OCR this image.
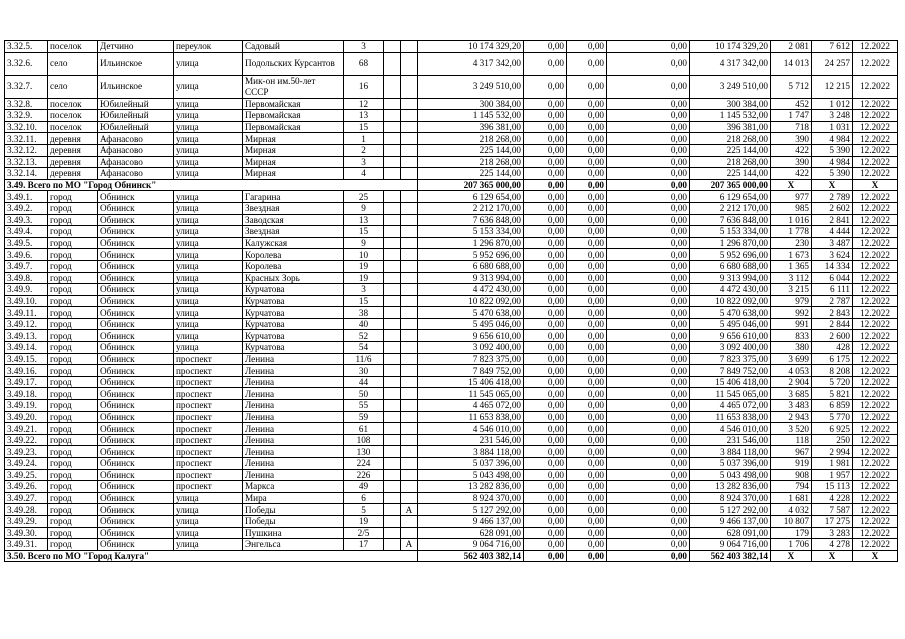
3.32.5.	поселок	Детчино	переулок	Садовый	3			10 174 329,20	0,00	0,00	0,00	10 174 329,20	2 081	7 612	12.2022
3.32.6.	село	Ильинское	улица	Подольских Курсантов	68			4 317 342,00	0,00	0,00	0,00	4 317 342,00	14 013	24 257	12.2022
3.32.7.	село	Ильинское	улица	Мик-он им.50-лет СССР	16			3 249 510,00	0,00	0,00	0,00	3 249 510,00	5 712	12 215	12.2022
3.32.8.	поселок	Юбилейный	улица	Первомайская	12			300 384,00	0,00	0,00	0,00	300 384,00	452	1 012	12.2022
3.32.9.	поселок	Юбилейный	улица	Первомайская	13			1 145 532,00	0,00	0,00	0,00	1 145 532,00	1 747	3 248	12.2022
3.32.10.	поселок	Юбилейный	улица	Первомайская	15			396 381,00	0,00	0,00	0,00	396 381,00	718	1 031	12.2022
3.32.11.	деревня	Афанасово	улица	Мирная	1			218 268,00	0,00	0,00	0,00	218 268,00	390	4 984	12.2022
3.32.12.	деревня	Афанасово	улица	Мирная	2			225 144,00	0,00	0,00	0,00	225 144,00	422	5 390	12.2022
3.32.13.	деревня	Афанасово	улица	Мирная	3			218 268,00	0,00	0,00	0,00	218 268,00	390	4 984	12.2022
3.32.14.	деревня	Афанасово	улица	Мирная	4			225 144,00	0,00	0,00	0,00	225 144,00	422	5 390	12.2022
3.49. Всего по МО "Город Обнинск"								207 365 000,00	0,00	0,00	0,00	207 365 000,00	X	X	X
3.49.1.	город	Обнинск	улица	Гагарина	25			6 129 654,00	0,00	0,00	0,00	6 129 654,00	977	2 789	12.2022
3.49.2.	город	Обнинск	улица	Звездная	9			2 212 170,00	0,00	0,00	0,00	2 212 170,00	985	2 602	12.2022
3.49.3.	город	Обнинск	улица	Заводская	13			7 636 848,00	0,00	0,00	0,00	7 636 848,00	1 016	2 841	12.2022
3.49.4.	город	Обнинск	улица	Звездная	15			5 153 334,00	0,00	0,00	0,00	5 153 334,00	1 778	4 444	12.2022
3.49.5.	город	Обнинск	улица	Калужская	9			1 296 870,00	0,00	0,00	0,00	1 296 870,00	230	3 487	12.2022
3.49.6.	город	Обнинск	улица	Королева	10			5 952 696,00	0,00	0,00	0,00	5 952 696,00	1 673	3 624	12.2022
3.49.7.	город	Обнинск	улица	Королева	19			6 680 688,00	0,00	0,00	0,00	6 680 688,00	1 365	14 334	12.2022
3.49.8.	город	Обнинск	улица	Красных Зорь	19			9 313 994,00	0,00	0,00	0,00	9 313 994,00	3 112	6 044	12.2022
3.49.9.	город	Обнинск	улица	Курчатова	3			4 472 430,00	0,00	0,00	0,00	4 472 430,00	3 215	6 111	12.2022
3.49.10.	город	Обнинск	улица	Курчатова	15			10 822 092,00	0,00	0,00	0,00	10 822 092,00	979	2 787	12.2022
3.49.11.	город	Обнинск	улица	Курчатова	38			5 470 638,00	0,00	0,00	0,00	5 470 638,00	992	2 843	12.2022
3.49.12.	город	Обнинск	улица	Курчатова	40			5 495 046,00	0,00	0,00	0,00	5 495 046,00	991	2 844	12.2022
3.49.13.	город	Обнинск	улица	Курчатова	52			9 656 610,00	0,00	0,00	0,00	9 656 610,00	833	2 600	12.2022
3.49.14.	город	Обнинск	улица	Курчатова	54			3 092 400,00	0,00	0,00	0,00	3 092 400,00	380	428	12.2022
3.49.15.	город	Обнинск	проспект	Ленина	11/6			7 823 375,00	0,00	0,00	0,00	7 823 375,00	3 699	6 175	12.2022
3.49.16.	город	Обнинск	проспект	Ленина	30			7 849 752,00	0,00	0,00	0,00	7 849 752,00	4 053	8 208	12.2022
3.49.17.	город	Обнинск	проспект	Ленина	44			15 406 418,00	0,00	0,00	0,00	15 406 418,00	2 904	5 720	12.2022
3.49.18.	город	Обнинск	проспект	Ленина	50			11 545 065,00	0,00	0,00	0,00	11 545 065,00	3 685	5 821	12.2022
3.49.19.	город	Обнинск	проспект	Ленина	55			4 465 072,00	0,00	0,00	0,00	4 465 072,00	3 483	6 859	12.2022
3.49.20.	город	Обнинск	проспект	Ленина	59			11 653 838,00	0,00	0,00	0,00	11 653 838,00	2 943	5 770	12.2022
3.49.21.	город	Обнинск	проспект	Ленина	61			4 546 010,00	0,00	0,00	0,00	4 546 010,00	3 520	6 925	12.2022
3.49.22.	город	Обнинск	проспект	Ленина	108			231 546,00	0,00	0,00	0,00	231 546,00	118	250	12.2022
3.49.23.	город	Обнинск	проспект	Ленина	130			3 884 118,00	0,00	0,00	0,00	3 884 118,00	967	2 994	12.2022
3.49.24.	город	Обнинск	проспект	Ленина	224			5 037 396,00	0,00	0,00	0,00	5 037 396,00	919	1 981	12.2022
3.49.25.	город	Обнинск	проспект	Ленина	226			5 043 498,00	0,00	0,00	0,00	5 043 498,00	908	1 957	12.2022
3.49.26.	город	Обнинск	проспект	Маркса	49			13 282 836,00	0,00	0,00	0,00	13 282 836,00	794	15 113	12.2022
3.49.27.	город	Обнинск	улица	Мира	6			8 924 370,00	0,00	0,00	0,00	8 924 370,00	1 681	4 228	12.2022
3.49.28.	город	Обнинск	улица	Победы	5		А	5 127 292,00	0,00	0,00	0,00	5 127 292,00	4 032	7 587	12.2022
3.49.29.	город	Обнинск	улица	Победы	19			9 466 137,00	0,00	0,00	0,00	9 466 137,00	10 807	17 275	12.2022
3.49.30.	город	Обнинск	улица	Пушкина	2/5			628 091,00	0,00	0,00	0,00	628 091,00	179	3 283	12.2022
3.49.31.	город	Обнинск	улица	Энгельса	17		А	9 064 716,00	0,00	0,00	0,00	9 064 716,00	1 706	4 278	12.2022
3.50. Всего по МО "Город Калуга"								562 403 382,14	0,00	0,00	0,00	562 403 382,14	X	X	X
